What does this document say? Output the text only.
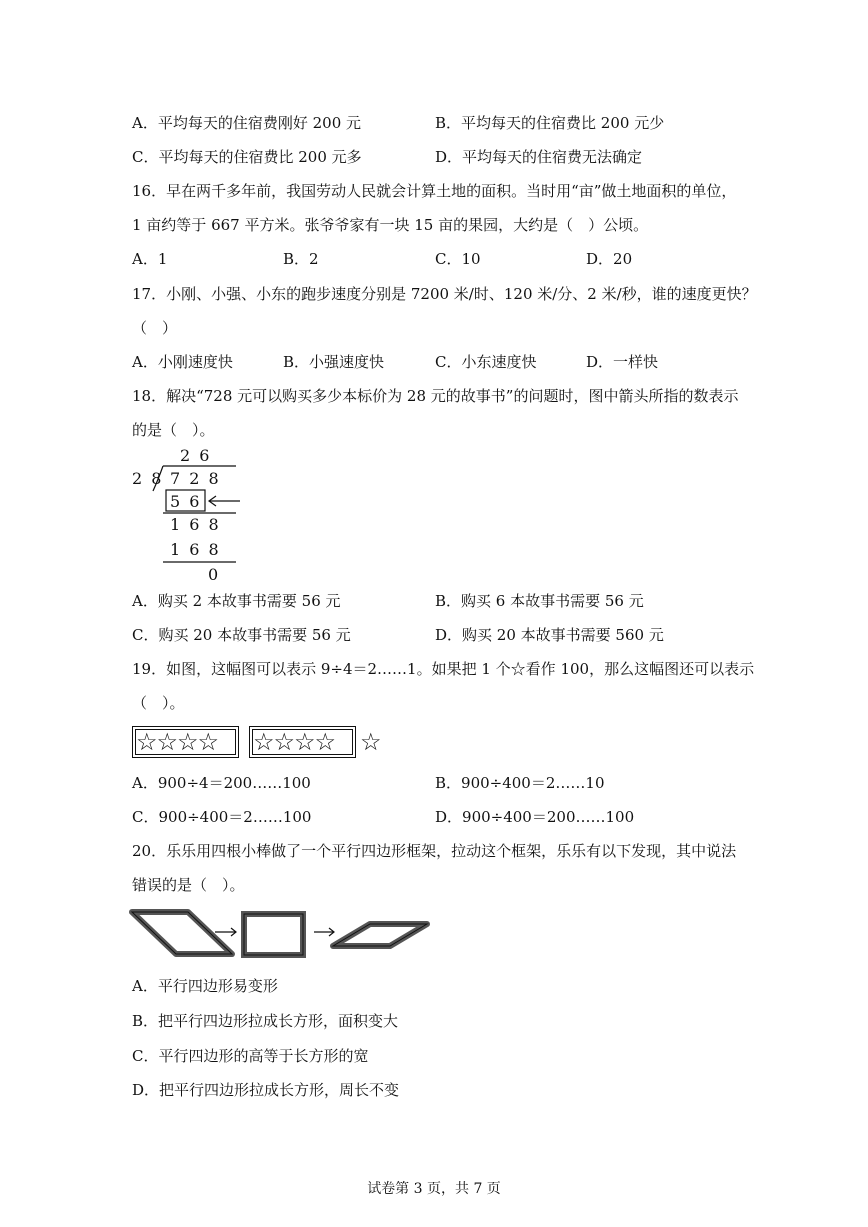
A．平均每天的住宿费刚好 200 元	B．平均每天的住宿费比 200 元少
C．平均每天的住宿费比 200 元多	D．平均每天的住宿费无法确定
16．早在两千多年前，我国劳动人民就会计算土地的面积。当时用“亩”做土地面积的单位，
1 亩约等于 667 平方米。张爷爷家有一块 15 亩的果园，大约是（　）公顷。
A．1	B．2	C．10	D．20
17．小刚、小强、小东的跑步速度分别是 7200 米/时、120 米/分、2 米/秒，谁的速度更快？
（　）
A．小刚速度快	B．小强速度快	C．小东速度快	D．一样快
18．解决“728 元可以购买多少本标价为 28 元的故事书”的问题时，图中箭头所指的数表示
的是（　）。
2 6
2 8 7 2 8
5 6
1 6 8
1 6 8
0
A．购买 2 本故事书需要 56 元	B．购买 6 本故事书需要 56 元
C．购买 20 本故事书需要 56 元	D．购买 20 本故事书需要 560 元
19．如图，这幅图可以表示 9÷4＝2……1。如果把 1 个☆看作 100，那么这幅图还可以表示
（　）。
☆☆☆☆ ☆☆☆☆ ☆
A．900÷4＝200……100	B．900÷400＝2……10
C．900÷400＝2……100	D．900÷400＝200……100
20．乐乐用四根小棒做了一个平行四边形框架，拉动这个框架，乐乐有以下发现，其中说法
错误的是（　）。
A．平行四边形易变形
B．把平行四边形拉成长方形，面积变大
C．平行四边形的高等于长方形的宽
D．把平行四边形拉成长方形，周长不变
试卷第 3 页，共 7 页
